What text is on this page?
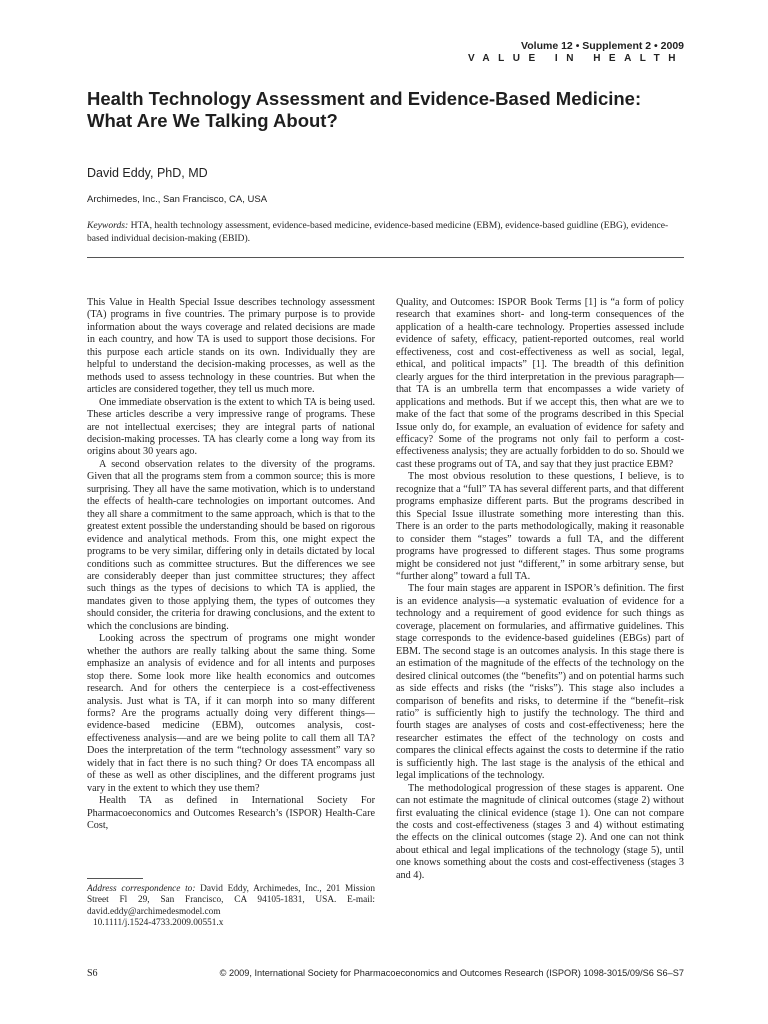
Volume 12 • Supplement 2 • 2009
VALUE IN HEALTH
Health Technology Assessment and Evidence-Based Medicine:
What Are We Talking About?
David Eddy, PhD, MD
Archimedes, Inc., San Francisco, CA, USA
Keywords: HTA, health technology assessment, evidence-based medicine, evidence-based medicine (EBM), evidence-based guidline (EBG), evidence-based individual decision-making (EBID).

This Value in Health Special Issue describes technology assessment (TA) programs in five countries. The primary purpose is to provide information about the ways coverage and related decisions are made in each country, and how TA is used to support those decisions. For this purpose each article stands on its own. Individually they are helpful to understand the decision-making processes, as well as the methods used to assess technology in these countries. But when the articles are considered together, they tell us much more.

One immediate observation is the extent to which TA is being used. These articles describe a very impressive range of programs. These are not intellectual exercises; they are integral parts of national decision-making processes. TA has clearly come a long way from its origins about 30 years ago.

A second observation relates to the diversity of the programs. Given that all the programs stem from a common source; this is more surprising. They all have the same motivation, which is to understand the effects of health-care technologies on important outcomes. And they all share a commitment to the same approach, which is that to the greatest extent possible the understanding should be based on rigorous evidence and analytical methods. From this, one might expect the programs to be very similar, differing only in details dictated by local conditions such as committee structures. But the differences we see are considerably deeper than just committee structures; they affect such things as the types of decisions to which TA is applied, the mandates given to those applying them, the types of outcomes they should consider, the criteria for drawing conclusions, and the extent to which the conclusions are binding.

Looking across the spectrum of programs one might wonder whether the authors are really talking about the same thing. Some emphasize an analysis of evidence and for all intents and purposes stop there. Some look more like health economics and outcomes research. And for others the centerpiece is a cost-effectiveness analysis. Just what is TA, if it can morph into so many different forms? Are the programs actually doing very different things—evidence-based medicine (EBM), outcomes analysis, cost-effectiveness analysis—and are we being polite to call them all TA? Does the interpretation of the term “technology assessment” vary so widely that in fact there is no such thing? Or does TA encompass all of these as well as other disciplines, and the different programs just vary in the extent to which they use them?

Health TA as defined in International Society For Pharmacoeconomics and Outcomes Research’s (ISPOR) Health-Care Cost,

Address correspondence to: David Eddy, Archimedes, Inc., 201 Mission Street Fl 29, San Francisco, CA 94105-1831, USA. E-mail: david.eddy@archimedesmodel.com
10.1111/j.1524-4733.2009.00551.x

Quality, and Outcomes: ISPOR Book Terms [1] is “a form of policy research that examines short- and long-term consequences of the application of a health-care technology. Properties assessed include evidence of safety, efficacy, patient-reported outcomes, real world effectiveness, cost and cost-effectiveness as well as social, legal, ethical, and political impacts” [1]. The breadth of this definition clearly argues for the third interpretation in the previous paragraph—that TA is an umbrella term that encompasses a wide variety of applications and methods. But if we accept this, then what are we to make of the fact that some of the programs described in this Special Issue only do, for example, an evaluation of evidence for safety and efficacy? Some of the programs not only fail to perform a cost-effectiveness analysis; they are actually forbidden to do so. Should we cast these programs out of TA, and say that they just practice EBM?

The most obvious resolution to these questions, I believe, is to recognize that a “full” TA has several different parts, and that different programs emphasize different parts. But the programs described in this Special Issue illustrate something more interesting than this. There is an order to the parts methodologically, making it reasonable to consider them “stages” towards a full TA, and the different programs have progressed to different stages. Thus some programs might be considered not just “different,” in some arbitrary sense, but “further along” toward a full TA.

The four main stages are apparent in ISPOR’s definition. The first is an evidence analysis—a systematic evaluation of evidence for a technology and a requirement of good evidence for such things as coverage, placement on formularies, and affirmative guidelines. This stage corresponds to the evidence-based guidelines (EBGs) part of EBM. The second stage is an outcomes analysis. In this stage there is an estimation of the magnitude of the effects of the technology on the desired clinical outcomes (the “benefits”) and on potential harms such as side effects and risks (the “risks”). This stage also includes a comparison of benefits and risks, to determine if the “benefit–risk ratio” is sufficiently high to justify the technology. The third and fourth stages are analyses of costs and cost-effectiveness; here the researcher estimates the effect of the technology on costs and compares the clinical effects against the costs to determine if the ratio is sufficiently high. The last stage is the analysis of the ethical and legal implications of the technology.

The methodological progression of these stages is apparent. One can not estimate the magnitude of clinical outcomes (stage 2) without first evaluating the clinical evidence (stage 1). One can not compare the costs and cost-effectiveness (stages 3 and 4) without estimating the effects on the clinical outcomes (stage 2). And one can not think about ethical and legal implications of the technology (stage 5), until one knows something about the costs and cost-effectiveness (stages 3 and 4).

S6	© 2009, International Society for Pharmacoeconomics and Outcomes Research (ISPOR) 1098-3015/09/S6 S6–S7
